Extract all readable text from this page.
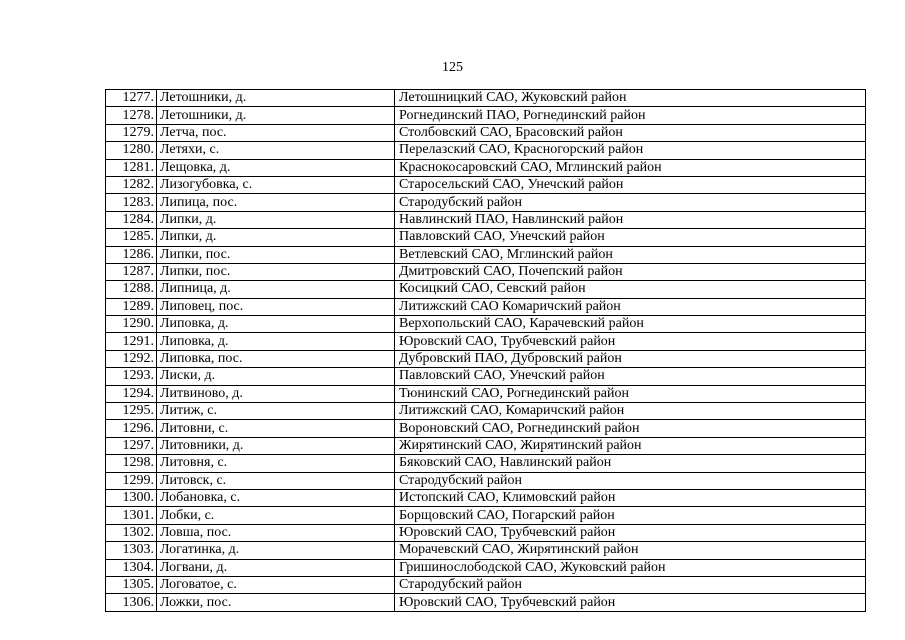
125
1277.	Летошники, д.	Летошницкий САО, Жуковский район
1278.	Летошники, д.	Рогнединский ПАО, Рогнединский район
1279.	Летча, пос.	Столбовский САО, Брасовский район
1280.	Летяхи, с.	Перелазский САО, Красногорский район
1281.	Лещовка, д.	Краснокосаровский САО, Мглинский район
1282.	Лизогубовка, с.	Старосельский САО, Унечский район
1283.	Липица, пос.	Стародубский район
1284.	Липки, д.	Навлинский ПАО, Навлинский район
1285.	Липки, д.	Павловский САО, Унечский район
1286.	Липки, пос.	Ветлевский САО, Мглинский район
1287.	Липки, пос.	Дмитровский САО, Почепский район
1288.	Липница, д.	Косицкий САО, Севский район
1289.	Липовец, пос.	Литижский САО Комаричский район
1290.	Липовка, д.	Верхопольский САО, Карачевский район
1291.	Липовка, д.	Юровский САО, Трубчевский район
1292.	Липовка, пос.	Дубровский ПАО, Дубровский район
1293.	Лиски, д.	Павловский САО, Унечский район
1294.	Литвиново, д.	Тюнинский САО, Рогнединский район
1295.	Литиж, с.	Литижский САО, Комаричский район
1296.	Литовни, с.	Вороновский САО, Рогнединский район
1297.	Литовники, д.	Жирятинский САО, Жирятинский район
1298.	Литовня, с.	Бяковский САО, Навлинский район
1299.	Литовск, с.	Стародубский район
1300.	Лобановка, с.	Истопский САО, Климовский район
1301.	Лобки, с.	Борщовский САО, Погарский район
1302.	Ловша, пос.	Юровский САО, Трубчевский район
1303.	Логатинка, д.	Морачевский САО, Жирятинский район
1304.	Логвани, д.	Гришинослободской САО, Жуковский район
1305.	Логоватое, с.	Стародубский район
1306.	Ложки, пос.	Юровский САО, Трубчевский район
